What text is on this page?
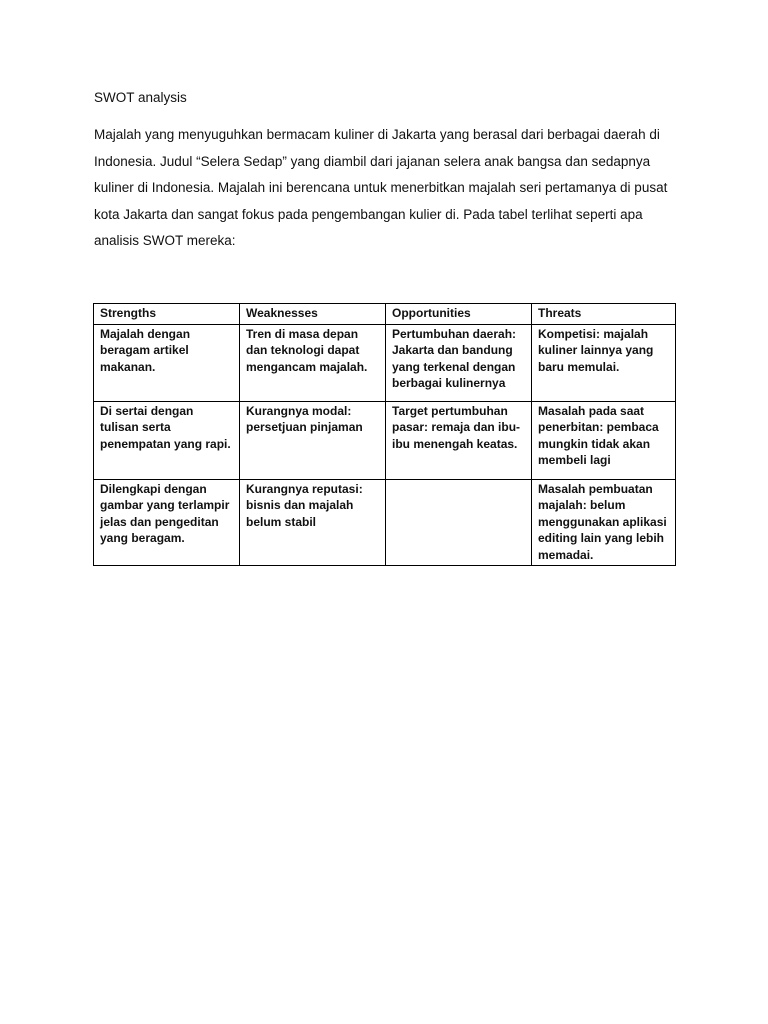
SWOT analysis

Majalah yang menyuguhkan bermacam kuliner di Jakarta yang berasal dari berbagai daerah di Indonesia. Judul “Selera Sedap” yang diambil dari jajanan selera anak bangsa dan sedapnya kuliner di Indonesia. Majalah ini berencana untuk menerbitkan majalah seri pertamanya di pusat kota Jakarta dan sangat fokus pada pengembangan kulier di. Pada tabel terlihat seperti apa analisis SWOT mereka:

Strengths	Weaknesses	Opportunities	Threats
Majalah dengan beragam artikel makanan.	Tren di masa depan dan teknologi dapat mengancam majalah.	Pertumbuhan daerah: Jakarta dan bandung yang terkenal dengan berbagai kulinernya	Kompetisi: majalah kuliner lainnya yang baru memulai.
Di sertai dengan tulisan serta penempatan yang rapi.	Kurangnya modal: persetjuan pinjaman	Target pertumbuhan pasar: remaja dan ibu-ibu menengah keatas.	Masalah pada saat penerbitan: pembaca mungkin tidak akan membeli lagi
Dilengkapi dengan gambar yang terlampir jelas dan pengeditan yang beragam.	Kurangnya reputasi: bisnis dan majalah belum stabil		Masalah pembuatan majalah: belum menggunakan aplikasi editing lain yang lebih memadai.
